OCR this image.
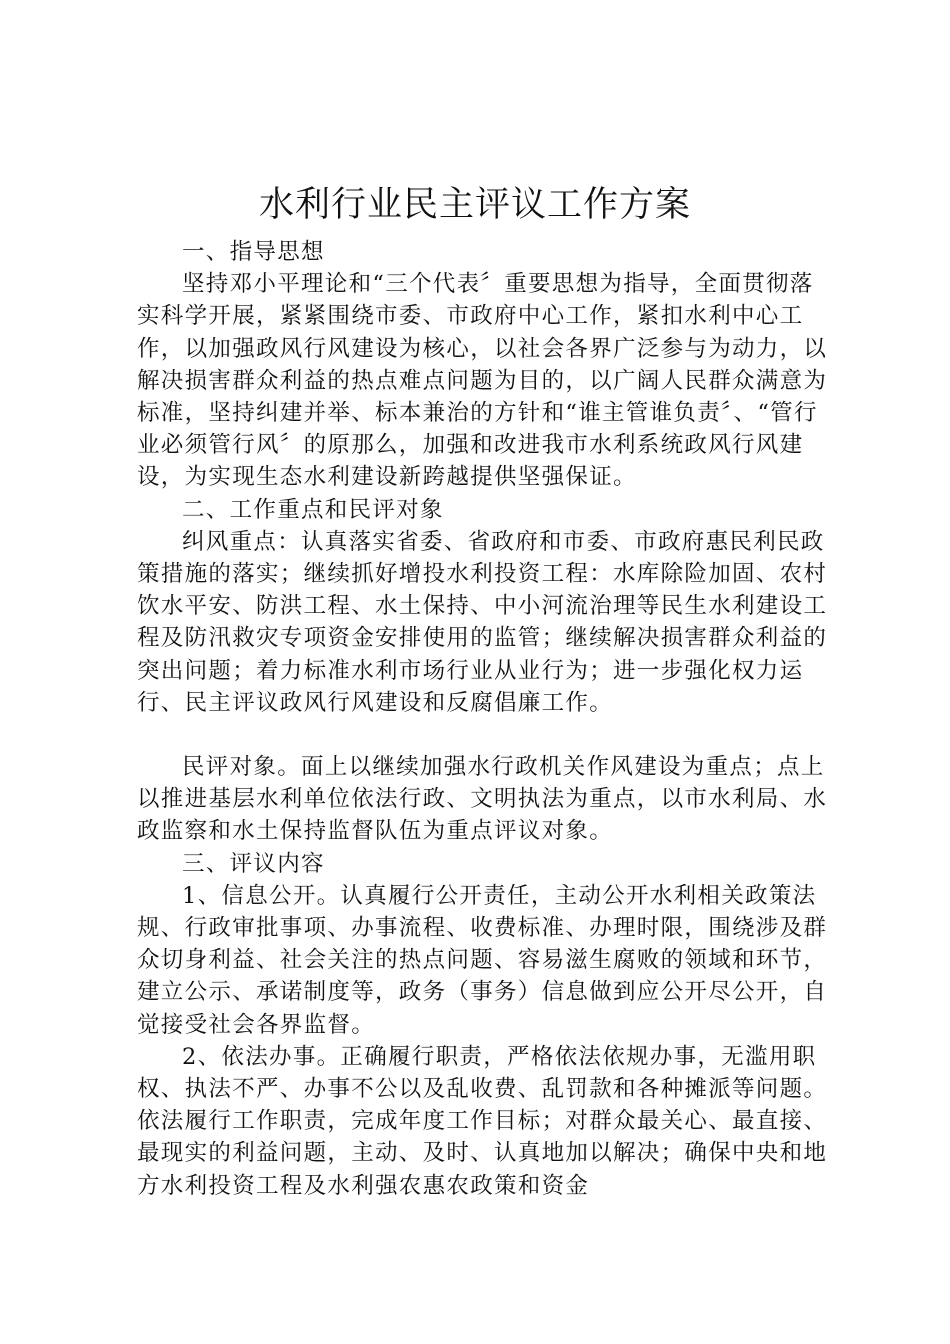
水利行业民主评议工作方案

一、指导思想

坚持邓小平理论和“三个代表〞重要思想为指导，全面贯彻落实科学开展，紧紧围绕市委、市政府中心工作，紧扣水利中心工作，以加强政风行风建设为核心，以社会各界广泛参与为动力，以解决损害群众利益的热点难点问题为目的，以广阔人民群众满意为标准，坚持纠建并举、标本兼治的方针和“谁主管谁负责〞、“管行业必须管行风〞的原那么，加强和改进我市水利系统政风行风建设，为实现生态水利建设新跨越提供坚强保证。

二、工作重点和民评对象

纠风重点：认真落实省委、省政府和市委、市政府惠民利民政策措施的落实；继续抓好增投水利投资工程：水库除险加固、农村饮水平安、防洪工程、水土保持、中小河流治理等民生水利建设工程及防汛救灾专项资金安排使用的监管；继续解决损害群众利益的突出问题；着力标准水利市场行业从业行为；进一步强化权力运行、民主评议政风行风建设和反腐倡廉工作。

民评对象。面上以继续加强水行政机关作风建设为重点；点上以推进基层水利单位依法行政、文明执法为重点，以市水利局、水政监察和水土保持监督队伍为重点评议对象。

三、评议内容

1、信息公开。认真履行公开责任，主动公开水利相关政策法规、行政审批事项、办事流程、收费标准、办理时限，围绕涉及群众切身利益、社会关注的热点问题、容易滋生腐败的领域和环节，建立公示、承诺制度等，政务（事务）信息做到应公开尽公开，自觉接受社会各界监督。

2、依法办事。正确履行职责，严格依法依规办事，无滥用职权、执法不严、办事不公以及乱收费、乱罚款和各种摊派等问题。依法履行工作职责，完成年度工作目标；对群众最关心、最直接、最现实的利益问题，主动、及时、认真地加以解决；确保中央和地方水利投资工程及水利强农惠农政策和资金
